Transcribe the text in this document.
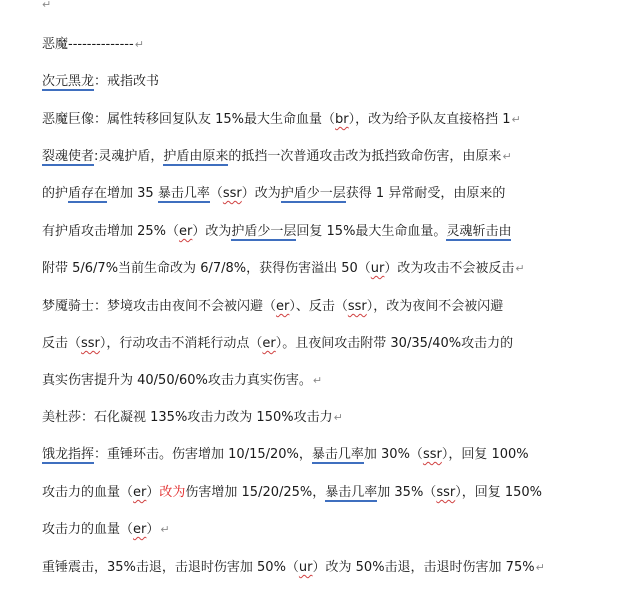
↵
恶魔--------------↵
次元黑龙：戒指改书
恶魔巨像：属性转移回复队友 15%最大生命血量（br），改为给予队友直接格挡 1↵
裂魂使者:灵魂护盾，护盾由原来的抵挡一次普通攻击改为抵挡致命伤害，由原来↵
的护盾存在增加 35 暴击几率（ssr）改为护盾少一层获得 1 异常耐受，由原来的
有护盾攻击增加 25%（er）改为护盾少一层回复 15%最大生命血量。灵魂斩击由
附带 5/6/7%当前生命改为 6/7/8%，获得伤害溢出 50（ur）改为攻击不会被反击↵
梦魇骑士：梦境攻击由夜间不会被闪避（er）、反击（ssr），改为夜间不会被闪避
反击（ssr），行动攻击不消耗行动点（er）。且夜间攻击附带 30/35/40%攻击力的
真实伤害提升为 40/50/60%攻击力真实伤害。↵
美杜莎：石化凝视 135%攻击力改为 150%攻击力↵
饿龙指挥：重锤环击。伤害增加 10/15/20%，暴击几率加 30%（ssr），回复 100%
攻击力的血量（er）改为伤害增加 15/20/25%，暴击几率加 35%（ssr），回复 150%
攻击力的血量（er）↵
重锤震击，35%击退，击退时伤害加 50%（ur）改为 50%击退，击退时伤害加 75%↵
